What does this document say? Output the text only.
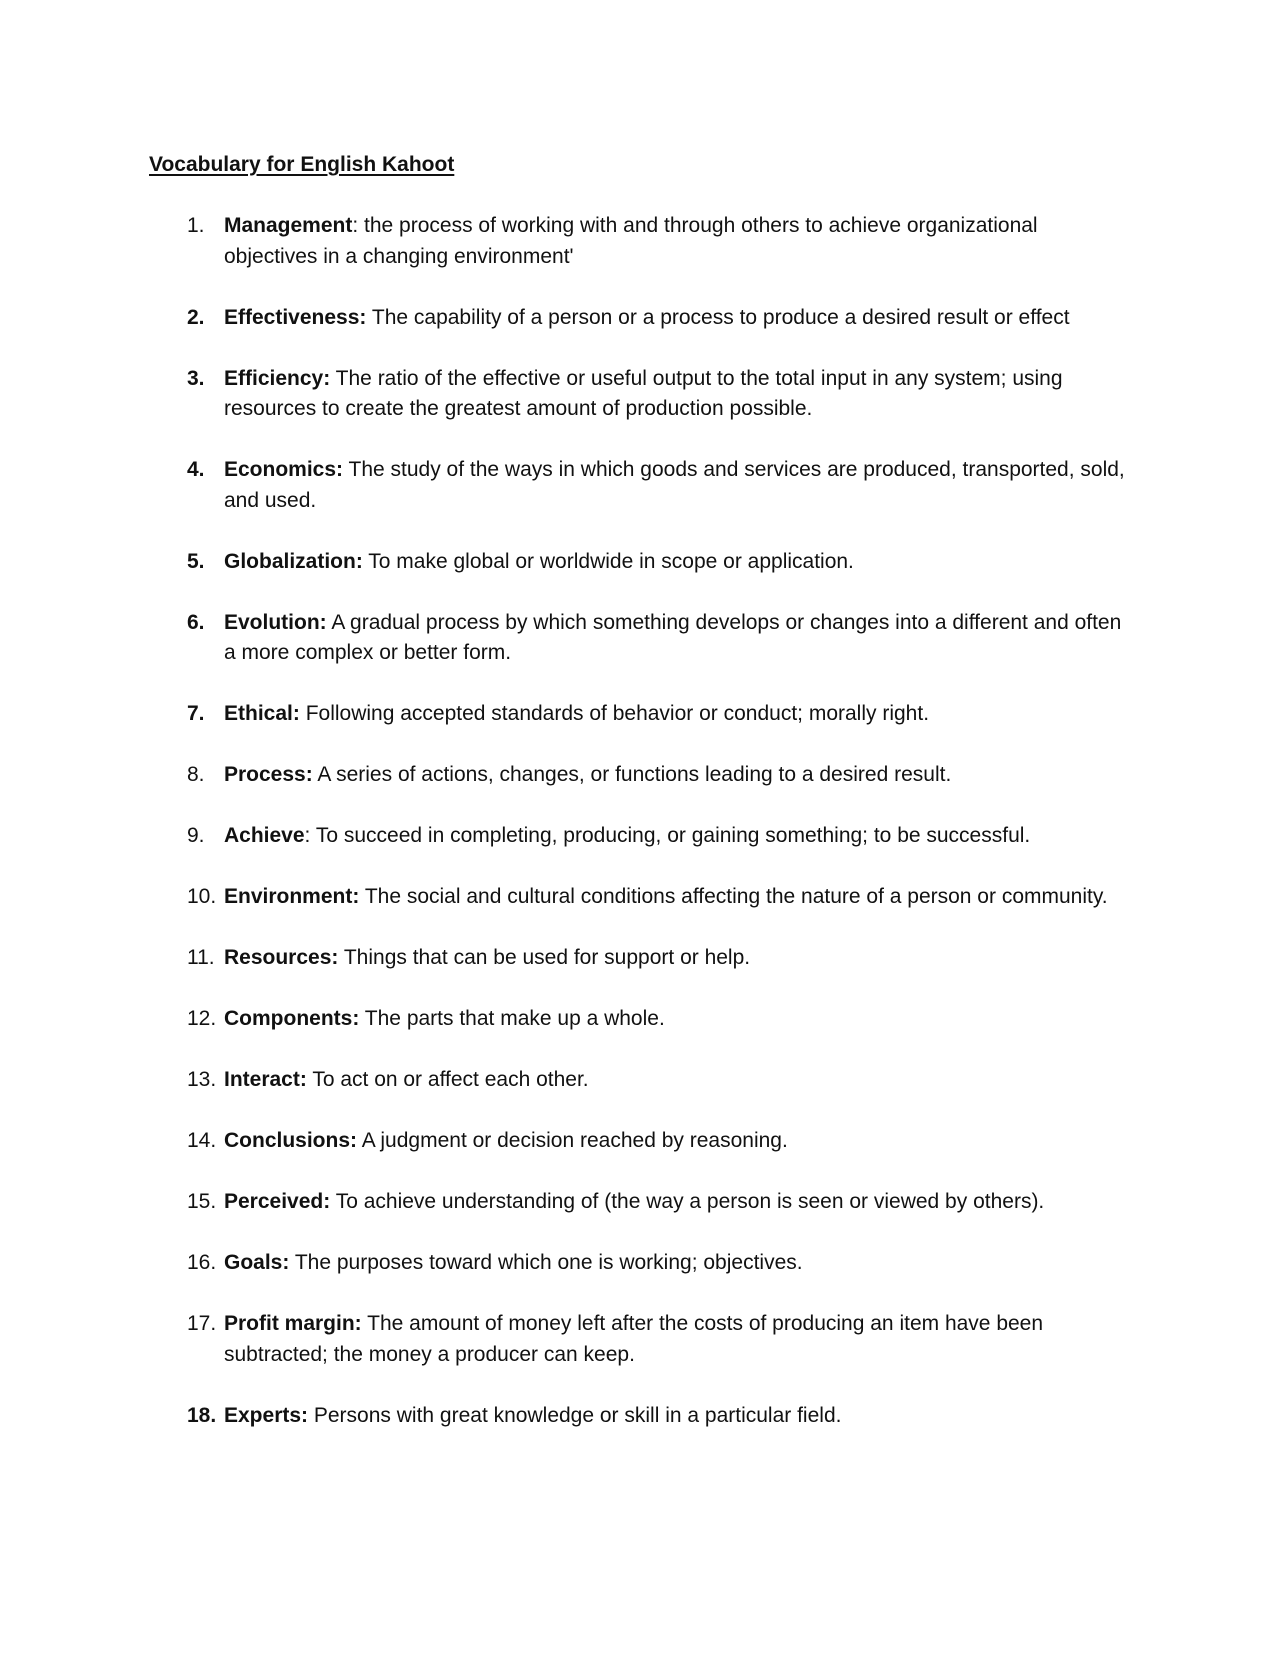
Vocabulary for English Kahoot
1. Management: the process of working with and through others to achieve organizational objectives in a changing environment'
2. Effectiveness: The capability of a person or a process to produce a desired result or effect
3. Efficiency: The ratio of the effective or useful output to the total input in any system; using resources to create the greatest amount of production possible.
4. Economics: The study of the ways in which goods and services are produced, transported, sold, and used.
5. Globalization: To make global or worldwide in scope or application.
6. Evolution: A gradual process by which something develops or changes into a different and often a more complex or better form.
7. Ethical: Following accepted standards of behavior or conduct; morally right.
8. Process: A series of actions, changes, or functions leading to a desired result.
9. Achieve: To succeed in completing, producing, or gaining something; to be successful.
10. Environment: The social and cultural conditions affecting the nature of a person or community.
11. Resources: Things that can be used for support or help.
12. Components: The parts that make up a whole.
13. Interact: To act on or affect each other.
14. Conclusions: A judgment or decision reached by reasoning.
15. Perceived: To achieve understanding of (the way a person is seen or viewed by others).
16. Goals: The purposes toward which one is working; objectives.
17. Profit margin: The amount of money left after the costs of producing an item have been subtracted; the money a producer can keep.
18. Experts: Persons with great knowledge or skill in a particular field.
